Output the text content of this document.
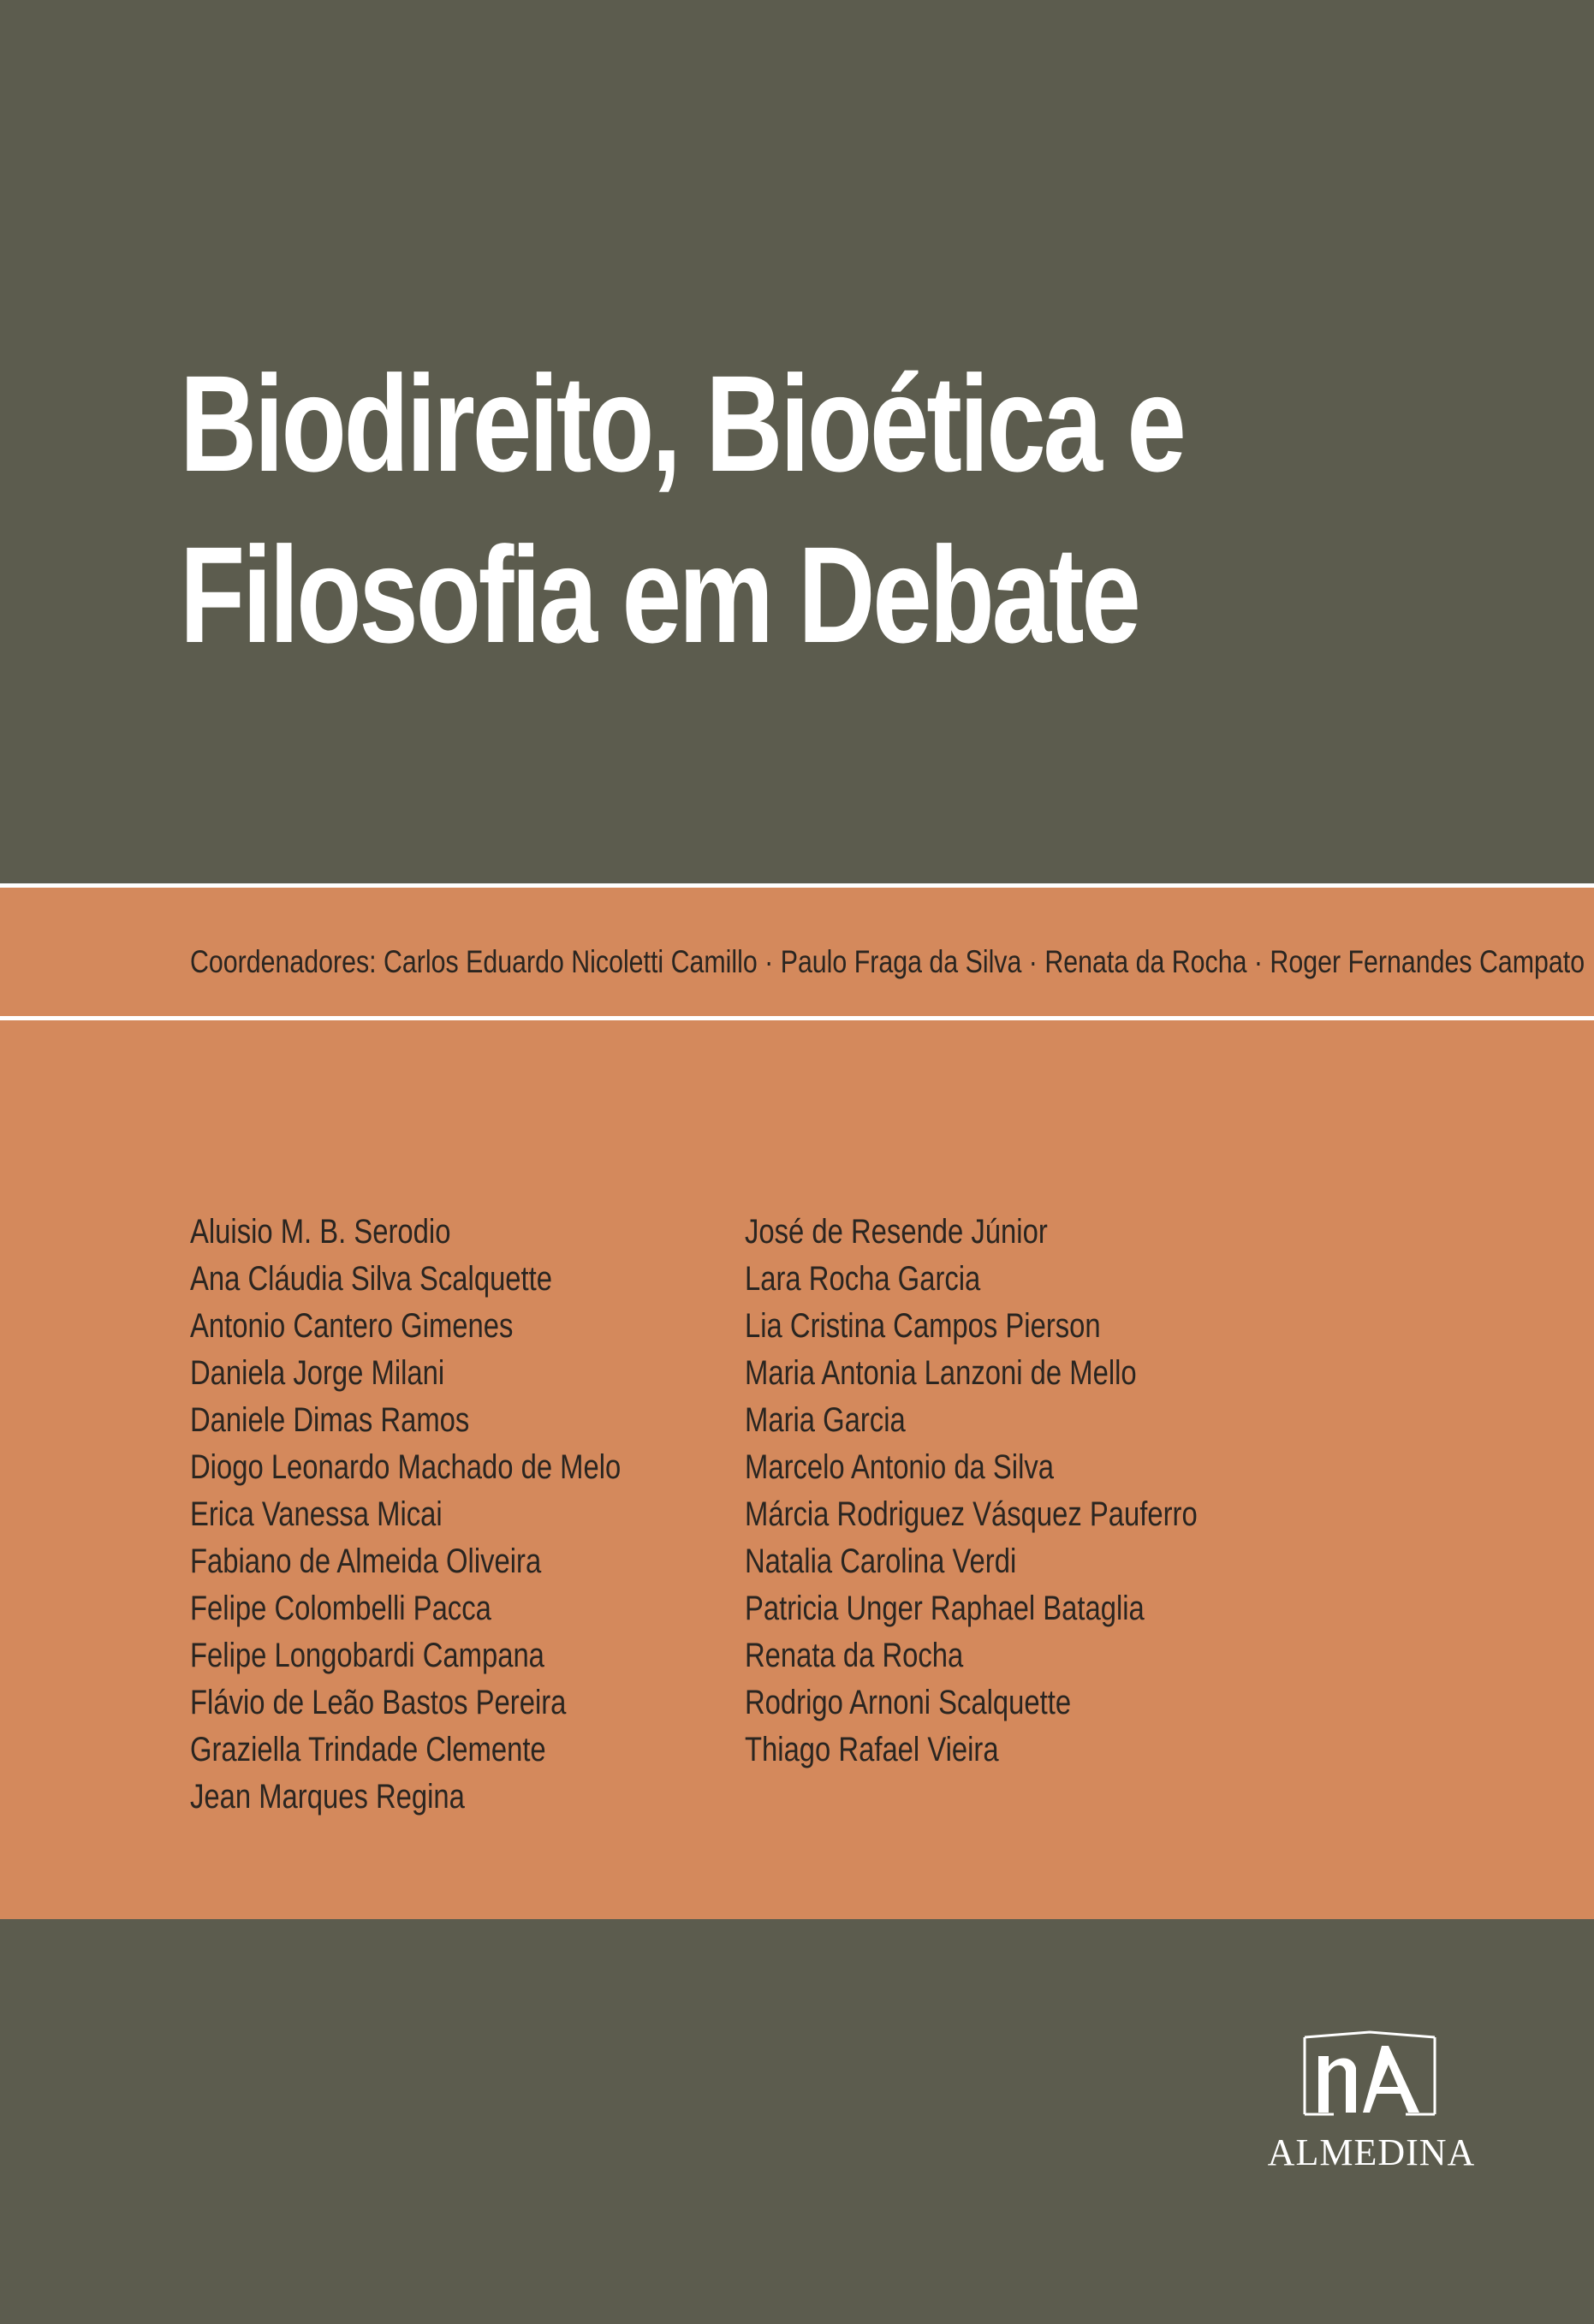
Biodireito, Bioética e
Filosofia em Debate
Coordenadores: Carlos Eduardo Nicoletti Camillo · Paulo Fraga da Silva · Renata da Rocha · Roger Fernandes Campato
Aluisio M. B. Serodio
Ana Cláudia Silva Scalquette
Antonio Cantero Gimenes
Daniela Jorge Milani
Daniele Dimas Ramos
Diogo Leonardo Machado de Melo
Erica Vanessa Micai
Fabiano de Almeida Oliveira
Felipe Colombelli Pacca
Felipe Longobardi Campana
Flávio de Leão Bastos Pereira
Graziella Trindade Clemente
Jean Marques Regina
José de Resende Júnior
Lara Rocha Garcia
Lia Cristina Campos Pierson
Maria Antonia Lanzoni de Mello
Maria Garcia
Marcelo Antonio da Silva
Márcia Rodriguez Vásquez Pauferro
Natalia Carolina Verdi
Patricia Unger Raphael Bataglia
Renata da Rocha
Rodrigo Arnoni Scalquette
Thiago Rafael Vieira
ALMEDINA
